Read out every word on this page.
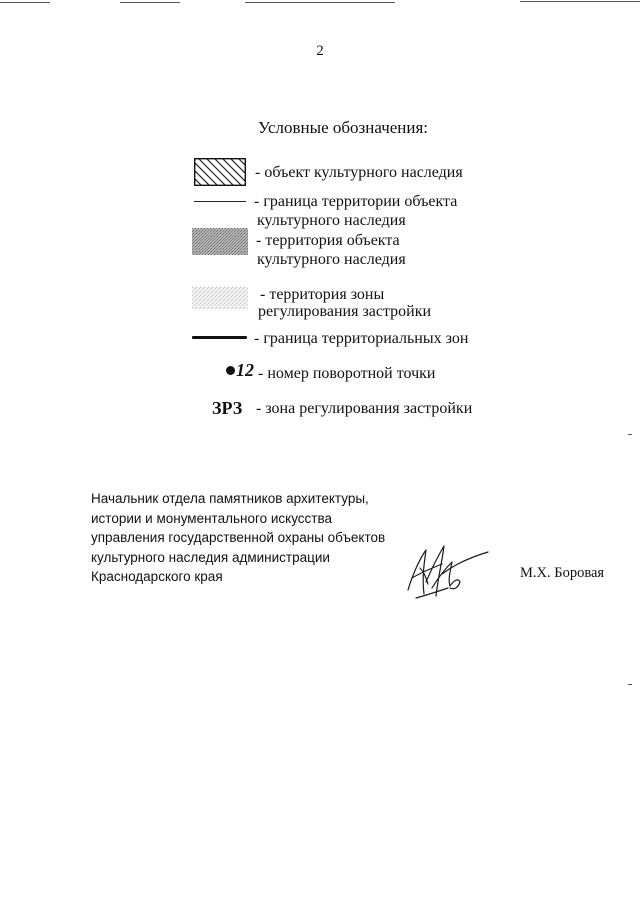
2
Условные обозначения:
- объект культурного наследия
- граница территории объекта
культурного наследия
- территория объекта
культурного наследия
- территория зоны
регулирования застройки
- граница территориальных зон
12 - номер поворотной точки
ЗРЗ - зона регулирования застройки
Начальник отдела памятников архитектуры,
истории и монументального искусства
управления государственной охраны объектов
культурного наследия администрации
Краснодарского края	М.Х. Боровая
